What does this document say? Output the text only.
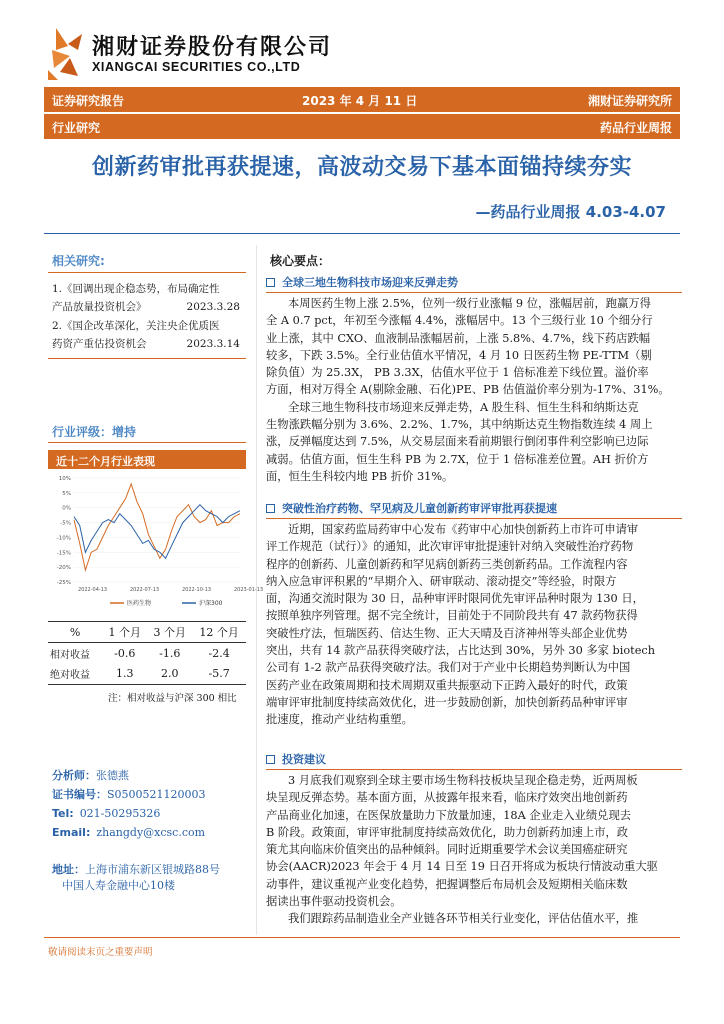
湘财证券股份有限公司
XIANGCAI SECURITIES CO.,LTD
证券研究报告	2023 年 4 月 11 日	湘财证券研究所
行业研究	药品行业周报
创新药审批再获提速，高波动交易下基本面锚持续夯实
—药品行业周报 4.03-4.07
相关研究:
1.《回调出现企稳态势，布局确定性
产品放量投资机会》	2023.3.28
2.《国企改革深化，关注央企优质医
药资产重估投资机会	2023.3.14
行业评级：增持
近十二个月行业表现
10%
5%
0%
-5%
-10%
-15%
-20%
-25%
2022-04-13	2022-07-13	2022-10-13	2023-01-13
医药生物	沪深300
%	1 个月	3 个月	12 个月
相对收益	-0.6	-1.6	-2.4
绝对收益	1.3	2.0	-5.7
注：相对收益与沪深 300 相比
分析师：张德燕
证书编号：S0500521120003
Tel: 021-50295326
Email: zhangdy@xcsc.com
地址：上海市浦东新区银城路88号
中国人寿金融中心10楼
核心要点：
全球三地生物科技市场迎来反弹走势
本周医药生物上涨 2.5%，位列一级行业涨幅 9 位，涨幅居前，跑赢万得
全 A 0.7 pct，年初至今涨幅 4.4%，涨幅居中。13 个三级行业 10 个细分行
业上涨，其中 CXO、血液制品涨幅居前，上涨 5.8%、4.7%，线下药店跌幅
较多，下跌 3.5%。全行业估值水平情况，4 月 10 日医药生物 PE-TTM（剔
除负值）为 25.3X， PB 3.3X，估值水平位于 1 倍标准差下线位置。溢价率
方面，相对万得全 A(剔除金融、石化)PE、PB 估值溢价率分别为-17%、31%。
全球三地生物科技市场迎来反弹走势，A 股生科、恒生生科和纳斯达克
生物涨跌幅分别为 3.6%、2.2%、1.7%，其中纳斯达克生物指数连续 4 周上
涨，反弹幅度达到 7.5%，从交易层面来看前期银行倒闭事件利空影响已边际
减弱。估值方面，恒生生科 PB 为 2.7X，位于 1 倍标准差位置。AH 折价方
面，恒生生科较内地 PB 折价 31%。
突破性治疗药物、罕见病及儿童创新药审评审批再获提速
近期，国家药监局药审中心发布《药审中心加快创新药上市许可申请审
评工作规范（试行）》的通知，此次审评审批提速针对纳入突破性治疗药物
程序的创新药、儿童创新药和罕见病创新药三类创新药品。工作流程内容
纳入应急审评积累的“早期介入、研审联动、滚动提交”等经验，时限方
面，沟通交流时限为 30 日，品种审评时限同优先审评品种时限为 130 日，
按照单独序列管理。据不完全统计，目前处于不同阶段共有 47 款药物获得
突破性疗法，恒瑞医药、信达生物、正大天晴及百济神州等头部企业优势
突出，共有 14 款产品获得突破疗法，占比达到 30%，另外 30 多家 biotech
公司有 1-2 款产品获得突破疗法。我们对于产业中长期趋势判断认为中国
医药产业在政策周期和技术周期双重共振驱动下正跨入最好的时代，政策
端审评审批制度持续高效优化，进一步鼓励创新，加快创新药品种审评审
批速度，推动产业结构重塑。
投资建议
3 月底我们观察到全球主要市场生物科技板块呈现企稳走势，近两周板
块呈现反弹态势。基本面方面，从披露年报来看，临床疗效突出地创新药
产品商业化加速，在医保放量助力下放量加速，18A 企业走入业绩兑现去
B 阶段。政策面，审评审批制度持续高效优化，助力创新药加速上市，政
策尤其向临床价值突出的品种倾斜。同时近期重要学术会议美国癌症研究
协会(AACR)2023 年会于 4 月 14 日至 19 日召开将成为板块行情波动重大驱
动事件，建议重视产业变化趋势，把握调整后布局机会及短期相关临床数
据读出事件驱动投资机会。
我们跟踪药品制造业全产业链各环节相关行业变化，评估估值水平，推
敬请阅读末页之重要声明
